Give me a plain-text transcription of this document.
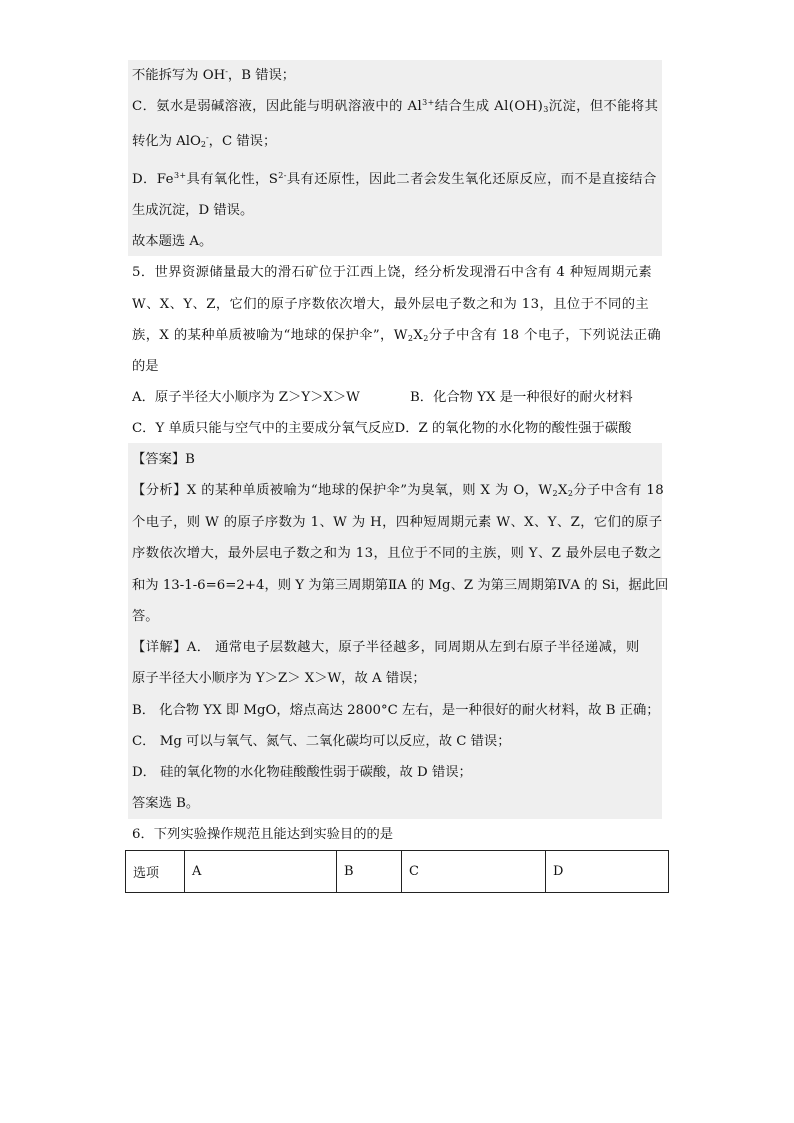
不能拆写为 OH-，B 错误；
C．氨水是弱碱溶液，因此能与明矾溶液中的 $Al^{3+}$结合生成 $Al(OH)_3$沉淀，但不能将其
转化为 AlO$_2$-，C 错误；
D．$Fe^{3+}$具有氧化性，$S^{2-}$具有还原性，因此二者会发生氧化还原反应，而不是直接结合
生成沉淀，D 错误。
故本题选 A。
5．世界资源储量最大的滑石矿位于江西上饶，经分析发现滑石中含有 4 种短周期元素
W、X、Y、Z，它们的原子序数依次增大，最外层电子数之和为 13，且位于不同的主
族，X 的某种单质被喻为“地球的保护伞”，$W_2X_2$分子中含有 18 个电子，下列说法正确
的是
A．原子半径大小顺序为 Z＞Y＞X＞W	B．化合物 YX 是一种很好的耐火材料
C．Y 单质只能与空气中的主要成分氧气反应D．Z 的氧化物的水化物的酸性强于碳酸
【答案】B
【分析】X 的某种单质被喻为“地球的保护伞”为臭氧，则 X 为 O，$W_2X_2$分子中含有 18
个电子，则 W 的原子序数为 1、W 为 H，四种短周期元素 W、X、Y、Z，它们的原子
序数依次增大，最外层电子数之和为 13，且位于不同的主族，则 Y、Z 最外层电子数之
和为 13-1-6=6=2+4，则 Y 为第三周期第ⅡA 的 Mg、Z 为第三周期第ⅣA 的 Si，据此回
答。
【详解】A． 通常电子层数越大，原子半径越多，同周期从左到右原子半径递减，则
原子半径大小顺序为 Y＞Z＞ X＞W，故 A 错误；
B． 化合物 YX 即 MgO，熔点高达 2800°C 左右，是一种很好的耐火材料，故 B 正确；
C． Mg 可以与氧气、氮气、二氧化碳均可以反应，故 C 错误；
D． 硅的氧化物的水化物硅酸酸性弱于碳酸，故 D 错误；
答案选 B。
6．下列实验操作规范且能达到实验目的的是
选项	A	B	C	D
